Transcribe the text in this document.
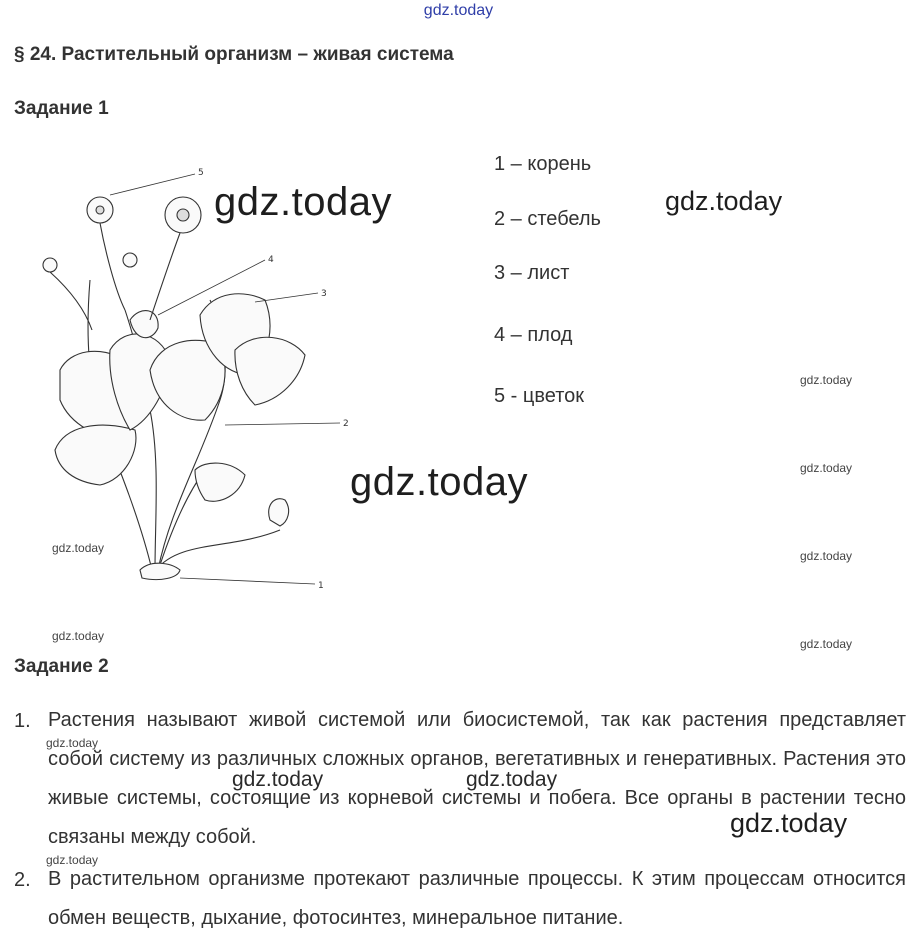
gdz.today
§ 24. Растительный организм – живая система
Задание 1
5
4
3
2
1
1 – корень
2 – стебель
3 – лист
4 – плод
5 - цветок
gdz.today	gdz.today
gdz.today
gdz.today
gdz.today
gdz.today
gdz.today
gdz.today
gdz.today
Задание 2
1. Растения называют живой системой или биосистемой, так как растения представляет собой систему из различных сложных органов, вегетативных и генеративных. Растения это живые системы, состоящие из корневой системы и побега. Все органы в растении тесно связаны между собой.
2. В растительном организме протекают различные процессы. К этим процессам относится обмен веществ, дыхание, фотосинтез, минеральное питание.
gdz.today
gdz.today	gdz.today
gdz.today
gdz.today
